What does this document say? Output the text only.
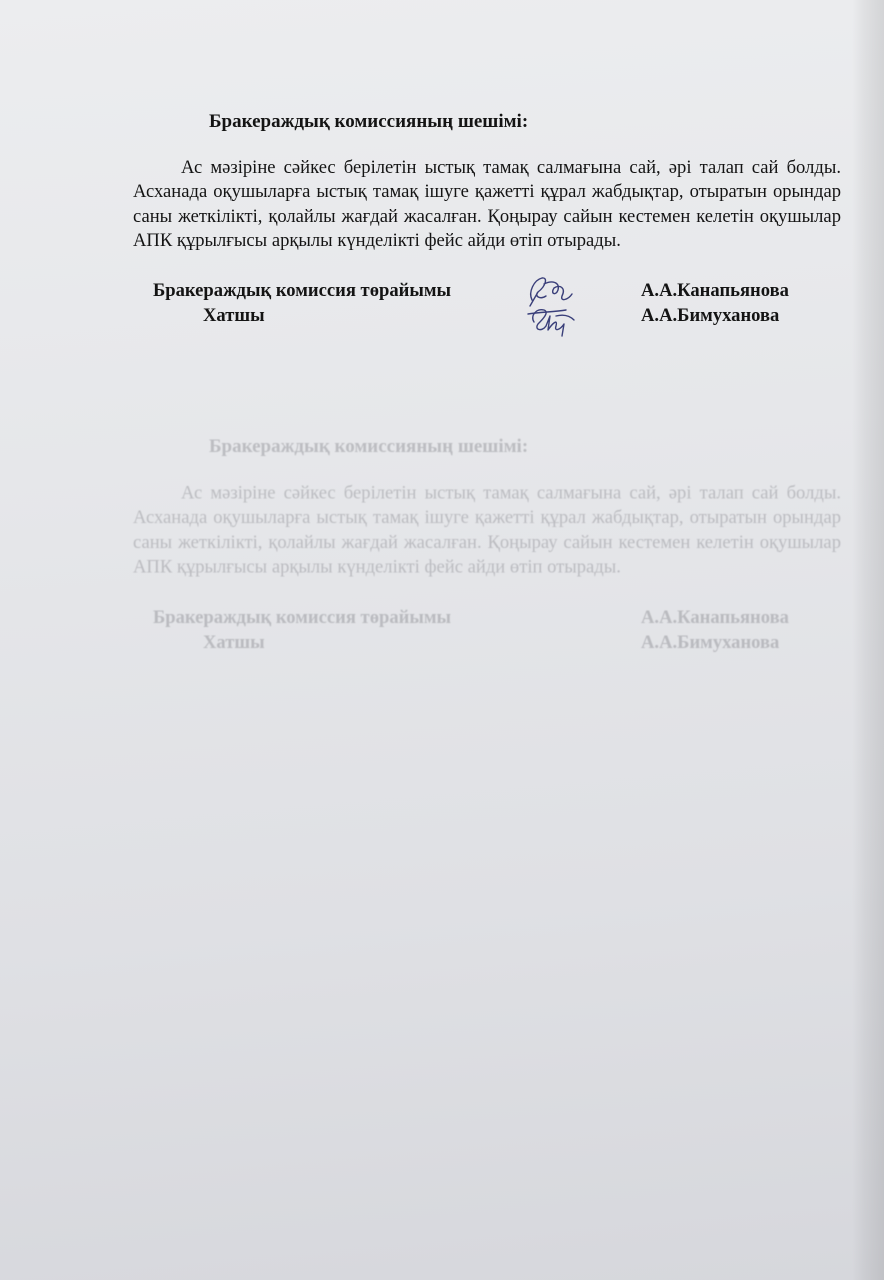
Бракераждық комиссияның шешімі:

Ас мәзіріне сәйкес берілетін ыстық тамақ салмағына сай, әрі талап сай болды. Асханада оқушыларға ыстық тамақ ішуге қажетті құрал жабдықтар, отыратын орындар саны жеткілікті, қолайлы жағдай жасалған. Қоңырау сайын кестемен келетін оқушылар АПК құрылғысы арқылы күнделікті фейс айди өтіп отырады.

Бракераждық комиссия төрайымы
Хатшы
А.А.Канапьянова
А.А.Бимуханова
Бракераждық комиссияның шешімі:

Ас мәзіріне сәйкес берілетін ыстық тамақ салмағына сай, әрі талап сай болды. Асханада оқушыларға ыстық тамақ ішуге қажетті құрал жабдықтар, отыратын орындар саны жеткілікті, қолайлы жағдай жасалған. Қоңырау сайын кестемен келетін оқушылар АПК құрылғысы арқылы күнделікті фейс айди өтіп отырады.

Бракераждық комиссия төрайымы
Хатшы
А.А.Канапьянова
А.А.Бимуханова
